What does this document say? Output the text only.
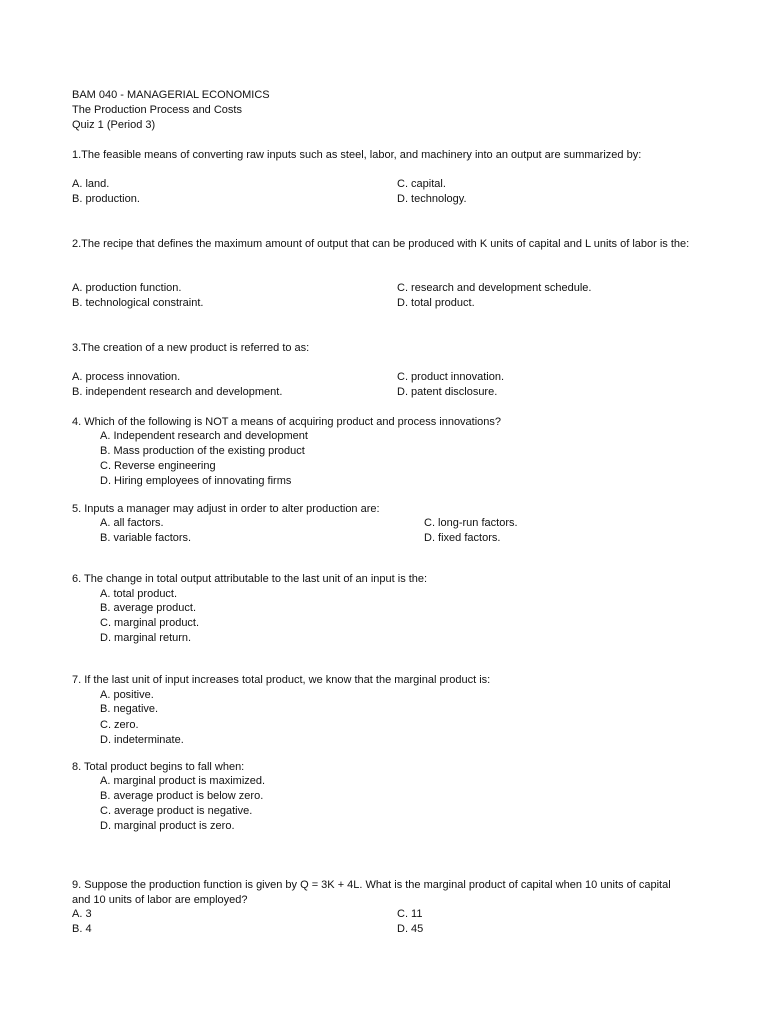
BAM 040 - MANAGERIAL ECONOMICS

The Production Process and Costs

Quiz 1 (Period 3)

1.The feasible means of converting raw inputs such as steel, labor, and machinery into an output are summarized by:

A. land.

B. production.

C. capital.

D. technology.

2.The recipe that defines the maximum amount of output that can be produced with K units of capital and L units of labor is the:

A. production function.

B. technological constraint.

C. research and development schedule.

D. total product.

3.The creation of a new product is referred to as:

A. process innovation.

B. independent research and development.

C. product innovation.

D. patent disclosure.

4. Which of the following is NOT a means of acquiring product and process innovations?

A. Independent research and development

B. Mass production of the existing product

C. Reverse engineering

D. Hiring employees of innovating firms

5. Inputs a manager may adjust in order to alter production are:

A. all factors.

B. variable factors.

C. long-run factors.

D. fixed factors.

6. The change in total output attributable to the last unit of an input is the:

A. total product.

B. average product.

C. marginal product.

D. marginal return.

7. If the last unit of input increases total product, we know that the marginal product is:

A. positive.

B. negative.

C. zero.

D. indeterminate.

8. Total product begins to fall when:

A. marginal product is maximized.

B. average product is below zero.

C. average product is negative.

D. marginal product is zero.

9. Suppose the production function is given by Q = 3K + 4L. What is the marginal product of capital when 10 units of capital and 10 units of labor are employed?

A. 3

B. 4

C. 11

D. 45
